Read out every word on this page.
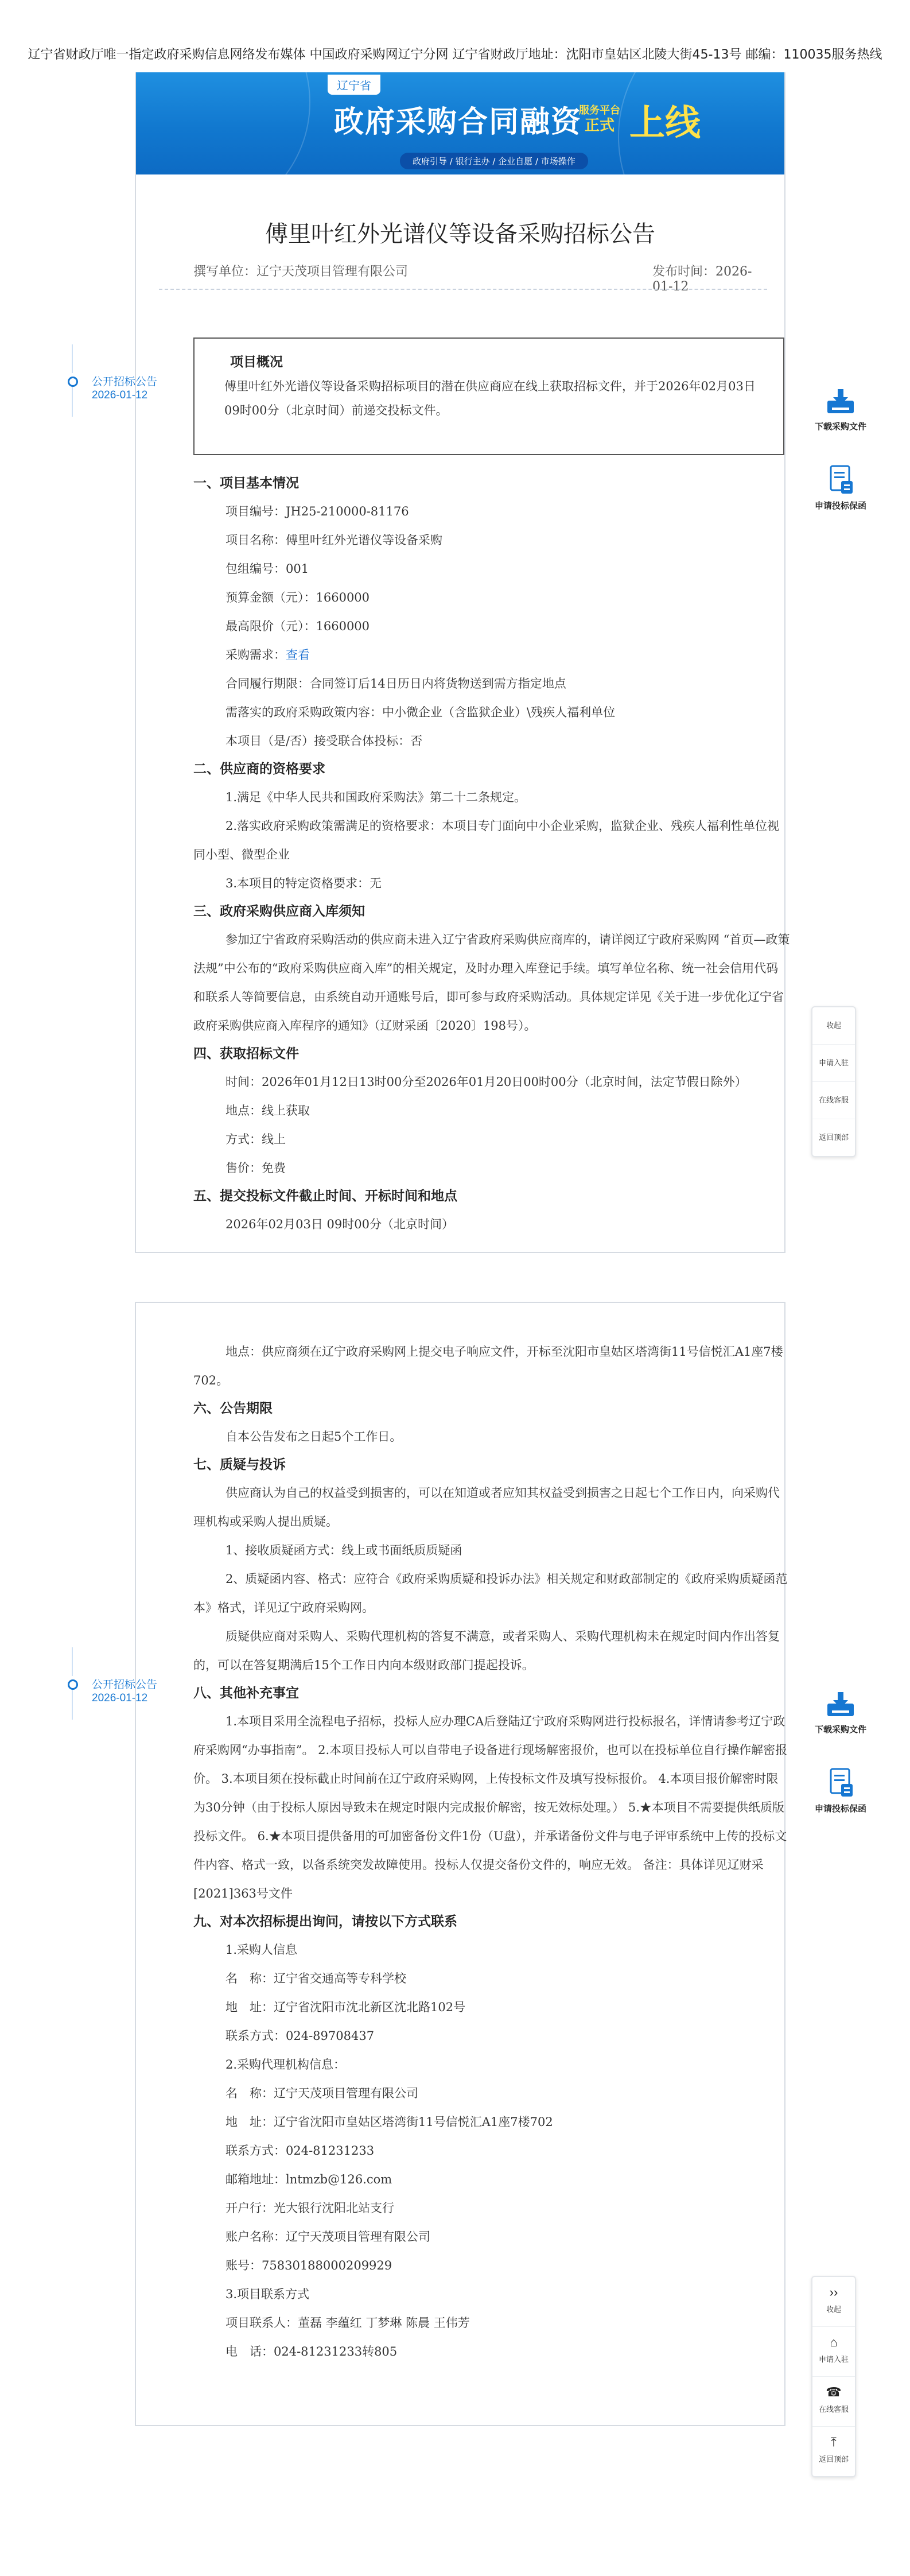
辽宁省财政厅唯一指定政府采购信息网络发布媒体 中国政府采购网辽宁分网 辽宁省财政厅地址：沈阳市皇姑区北陵大街45-13号 邮编：110035服务热线
辽宁省
政府采购合同融资
服务平台
正式 上线
政府引导 / 银行主办 / 企业自愿 / 市场操作
傅里叶红外光谱仪等设备采购招标公告
撰写单位：辽宁天茂项目管理有限公司	发布时间：2026-01-12
项目概况
傅里叶红外光谱仪等设备采购招标项目的潜在供应商应在线上获取招标文件，并于2026年02月03日 09时00分（北京时间）前递交投标文件。
一、项目基本情况
项目编号：JH25-210000-81176
项目名称：傅里叶红外光谱仪等设备采购
包组编号：001
预算金额（元）：1660000
最高限价（元）：1660000
采购需求：查看
合同履行期限：合同签订后14日历日内将货物送到需方指定地点
需落实的政府采购政策内容：中小微企业（含监狱企业）\残疾人福利单位
本项目（是/否）接受联合体投标：否
二、供应商的资格要求
1.满足《中华人民共和国政府采购法》第二十二条规定。
2.落实政府采购政策需满足的资格要求：本项目专门面向中小企业采购，监狱企业、残疾人福利性单位视同小型、微型企业
3.本项目的特定资格要求：无
三、政府采购供应商入库须知
参加辽宁省政府采购活动的供应商未进入辽宁省政府采购供应商库的，请详阅辽宁政府采购网 “首页—政策法规”中公布的“政府采购供应商入库”的相关规定，及时办理入库登记手续。填写单位名称、统一社会信用代码和联系人等简要信息，由系统自动开通账号后，即可参与政府采购活动。具体规定详见《关于进一步优化辽宁省政府采购供应商入库程序的通知》（辽财采函〔2020〕198号）。
四、获取招标文件
时间：2026年01月12日13时00分至2026年01月20日00时00分（北京时间，法定节假日除外）
地点：线上获取
方式：线上
售价：免费
五、提交投标文件截止时间、开标时间和地点
2026年02月03日 09时00分（北京时间）
地点：供应商须在辽宁政府采购网上提交电子响应文件，开标至沈阳市皇姑区塔湾街11号信悦汇A1座7楼702。
六、公告期限
自本公告发布之日起5个工作日。
七、质疑与投诉
供应商认为自己的权益受到损害的，可以在知道或者应知其权益受到损害之日起七个工作日内，向采购代理机构或采购人提出质疑。
1、接收质疑函方式：线上或书面纸质质疑函
2、质疑函内容、格式：应符合《政府采购质疑和投诉办法》相关规定和财政部制定的《政府采购质疑函范本》格式，详见辽宁政府采购网。
质疑供应商对采购人、采购代理机构的答复不满意，或者采购人、采购代理机构未在规定时间内作出答复的，可以在答复期满后15个工作日内向本级财政部门提起投诉。
八、其他补充事宜
1.本项目采用全流程电子招标，投标人应办理CA后登陆辽宁政府采购网进行投标报名，详情请参考辽宁政府采购网“办事指南”。 2.本项目投标人可以自带电子设备进行现场解密报价，也可以在投标单位自行操作解密报价。 3.本项目须在投标截止时间前在辽宁政府采购网，上传投标文件及填写投标报价。 4.本项目报价解密时限为30分钟（由于投标人原因导致未在规定时限内完成报价解密，按无效标处理。） 5.★本项目不需要提供纸质版投标文件。 6.★本项目提供备用的可加密备份文件1份（U盘），并承诺备份文件与电子评审系统中上传的投标文件内容、格式一致，以备系统突发故障使用。投标人仅提交备份文件的，响应无效。 备注：具体详见辽财采[2021]363号文件
九、对本次招标提出询问，请按以下方式联系
1.采购人信息
名　称：辽宁省交通高等专科学校
地　址：辽宁省沈阳市沈北新区沈北路102号
联系方式：024-89708437
2.采购代理机构信息：
名　称：辽宁天茂项目管理有限公司
地　址：辽宁省沈阳市皇姑区塔湾街11号信悦汇A1座7楼702
联系方式：024-81231233
邮箱地址：lntmzb@126.com
开户行：光大银行沈阳北站支行
账户名称：辽宁天茂项目管理有限公司
账号：75830188000209929
3.项目联系方式
项目联系人：董磊 李蕴红 丁梦琳 陈晨 王伟芳
电　话：024-81231233转805
公开招标公告
2026-01-12
公开招标公告
2026-01-12
下载采购文件
申请投标保函
收起
申请入驻
在线客服
返回顶部
下载采购文件
申请投标保函
››
收起
⌂
申请入驻
☎
在线客服
⤒
返回顶部
